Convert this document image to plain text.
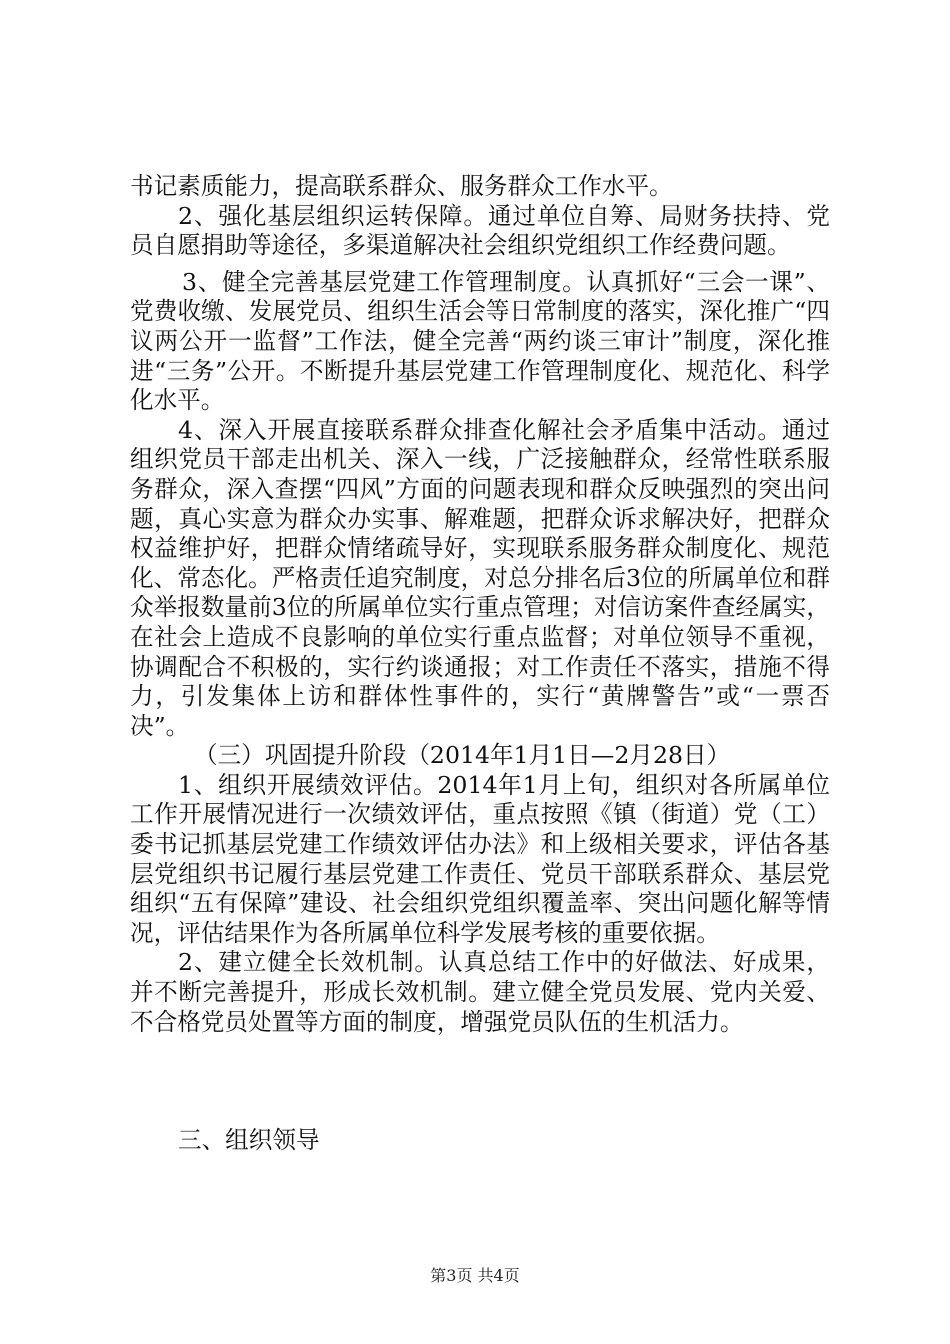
书记素质能力，提高联系群众、服务群众工作水平。

2、强化基层组织运转保障。通过单位自筹、局财务扶持、党员自愿捐助等途径，多渠道解决社会组织党组织工作经费问题。

3、健全完善基层党建工作管理制度。认真抓好“三会一课”、党费收缴、发展党员、组织生活会等日常制度的落实，深化推广“四议两公开一监督”工作法，健全完善“两约谈三审计”制度，深化推进“三务”公开。不断提升基层党建工作管理制度化、规范化、科学化水平。

4、深入开展直接联系群众排查化解社会矛盾集中活动。通过组织党员干部走出机关、深入一线，广泛接触群众，经常性联系服务群众，深入查摆“四风”方面的问题表现和群众反映强烈的突出问题，真心实意为群众办实事、解难题，把群众诉求解决好，把群众权益维护好，把群众情绪疏导好，实现联系服务群众制度化、规范化、常态化。严格责任追究制度，对总分排名后3位的所属单位和群众举报数量前3位的所属单位实行重点管理；对信访案件查经属实，在社会上造成不良影响的单位实行重点监督；对单位领导不重视，协调配合不积极的，实行约谈通报；对工作责任不落实，措施不得力，引发集体上访和群体性事件的，实行“黄牌警告”或“一票否决”。

（三）巩固提升阶段（2014年1月1日—2月28日）

1、组织开展绩效评估。2014年1月上旬，组织对各所属单位工作开展情况进行一次绩效评估，重点按照《镇（街道）党（工）委书记抓基层党建工作绩效评估办法》和上级相关要求，评估各基层党组织书记履行基层党建工作责任、党员干部联系群众、基层党组织“五有保障”建设、社会组织党组织覆盖率、突出问题化解等情况，评估结果作为各所属单位科学发展考核的重要依据。

2、建立健全长效机制。认真总结工作中的好做法、好成果，并不断完善提升，形成长效机制。建立健全党员发展、党内关爱、不合格党员处置等方面的制度，增强党员队伍的生机活力。

三、组织领导
第3页 共4页
